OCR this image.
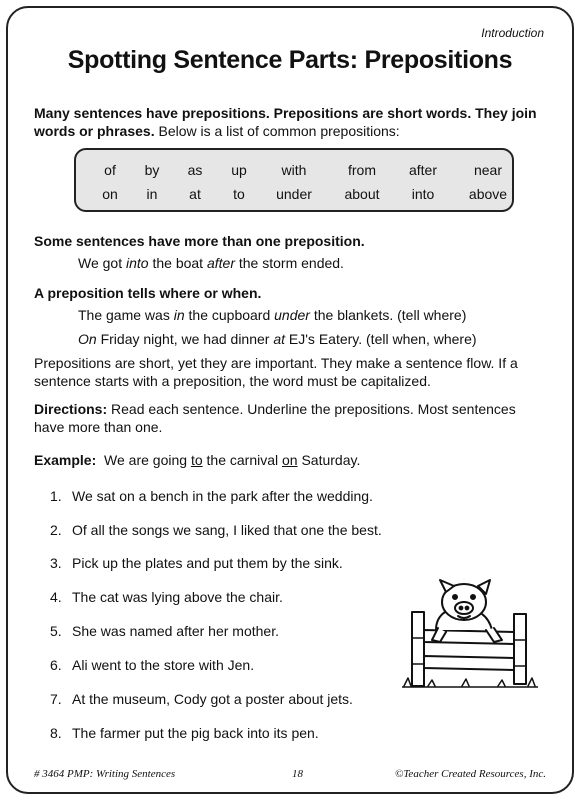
Introduction
Spotting Sentence Parts: Prepositions
Many sentences have prepositions. Prepositions are short words. They join words or phrases. Below is a list of common prepositions:
of by as up with	from after	near
on in at to under about into above
Some sentences have more than one preposition.
We got into the boat after the storm ended.
A preposition tells where or when.
The game was in the cupboard under the blankets. (tell where)
On Friday night, we had dinner at EJ's Eatery. (tell when, where)
Prepositions are short, yet they are important. They make a sentence flow. If a sentence starts with a preposition, the word must be capitalized.
Directions: Read each sentence. Underline the prepositions. Most sentences have more than one.
Example: We are going to the carnival on Saturday.
1. We sat on a bench in the park after the wedding.
2. Of all the songs we sang, I liked that one the best.
3. Pick up the plates and put them by the sink.
4. The cat was lying above the chair.
5. She was named after her mother.
6. Ali went to the store with Jen.
7. At the museum, Cody got a poster about jets.
8. The farmer put the pig back into its pen.
# 3464 PMP: Writing Sentences	18	©Teacher Created Resources, Inc.
